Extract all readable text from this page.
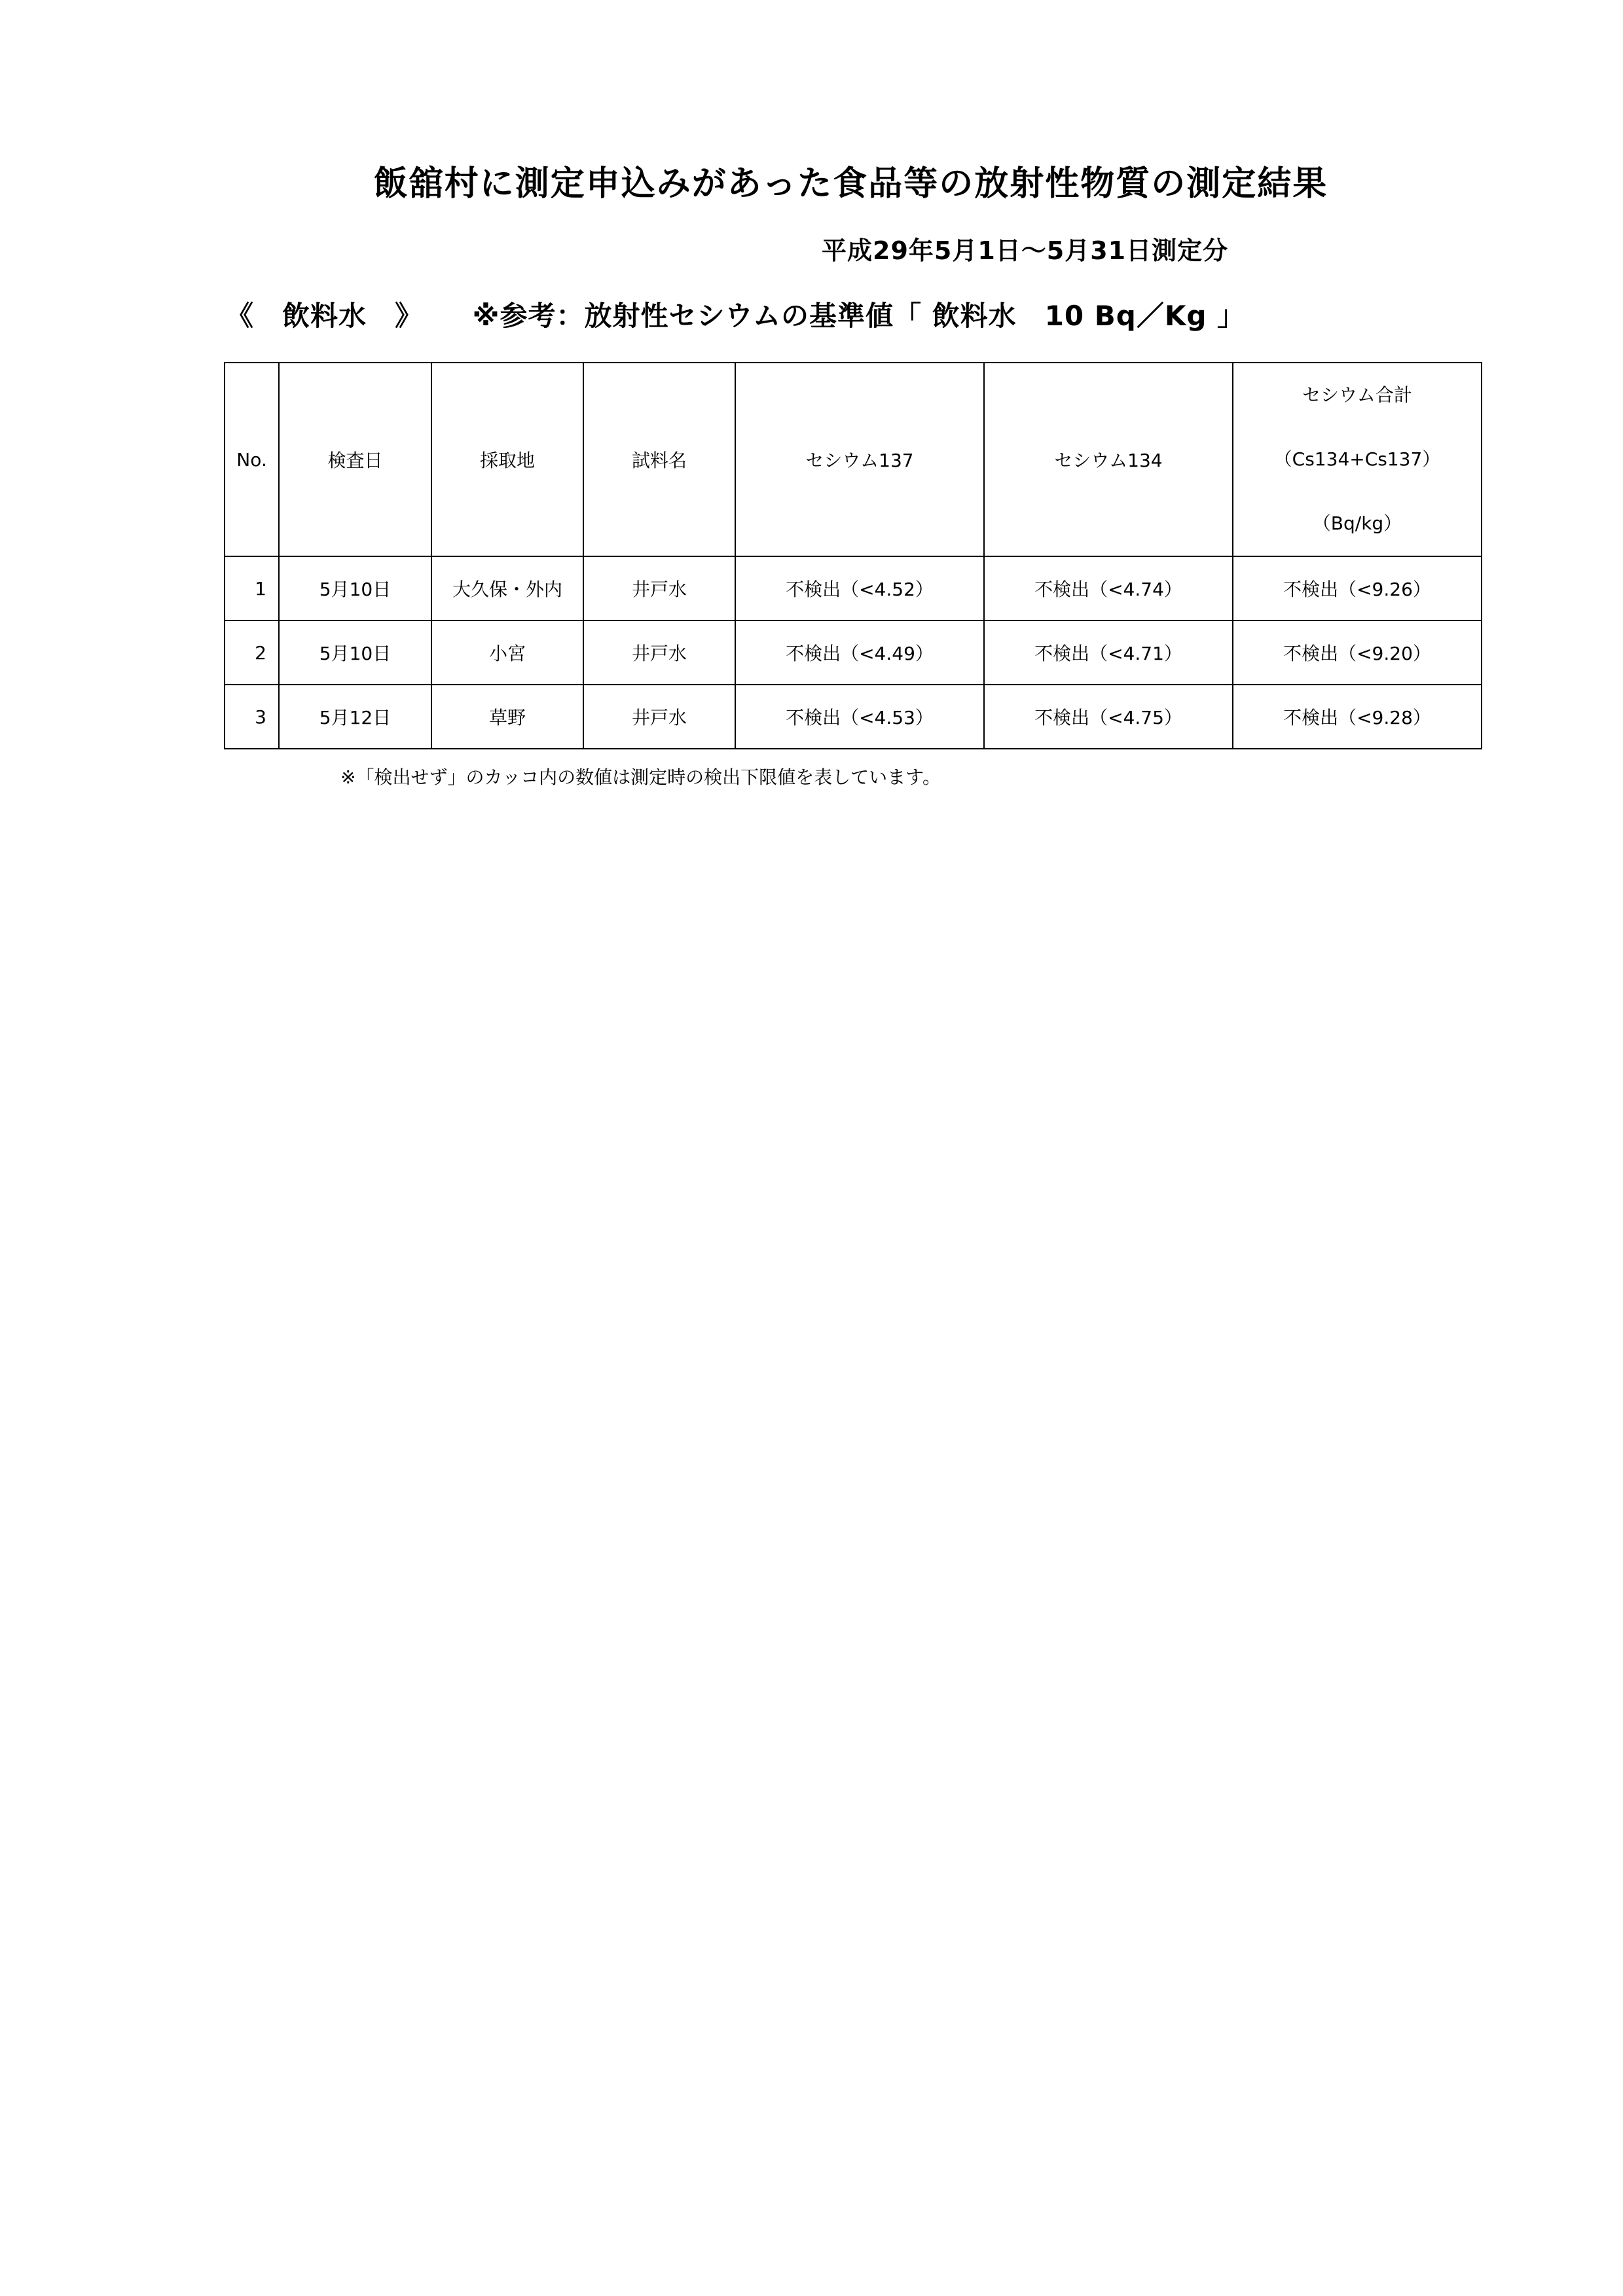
飯舘村に測定申込みがあった食品等の放射性物質の測定結果
平成29年5月1日～5月31日測定分
《　飲料水　》 ※参考：放射性セシウムの基準値「 飲料水　10 Bq／Kg 」
No.	検査日	採取地	試料名	セシウム137	セシウム134	セシウム合計
（Cs134+Cs137）
（Bq/kg）

1	5月10日	大久保・外内	井戸水	不検出（<4.52）	不検出（<4.74）	不検出（<9.26）
2	5月10日	小宮	井戸水	不検出（<4.49）	不検出（<4.71）	不検出（<9.20）
3	5月12日	草野	井戸水	不検出（<4.53）	不検出（<4.75）	不検出（<9.28）
※「検出せず」のカッコ内の数値は測定時の検出下限値を表しています。
